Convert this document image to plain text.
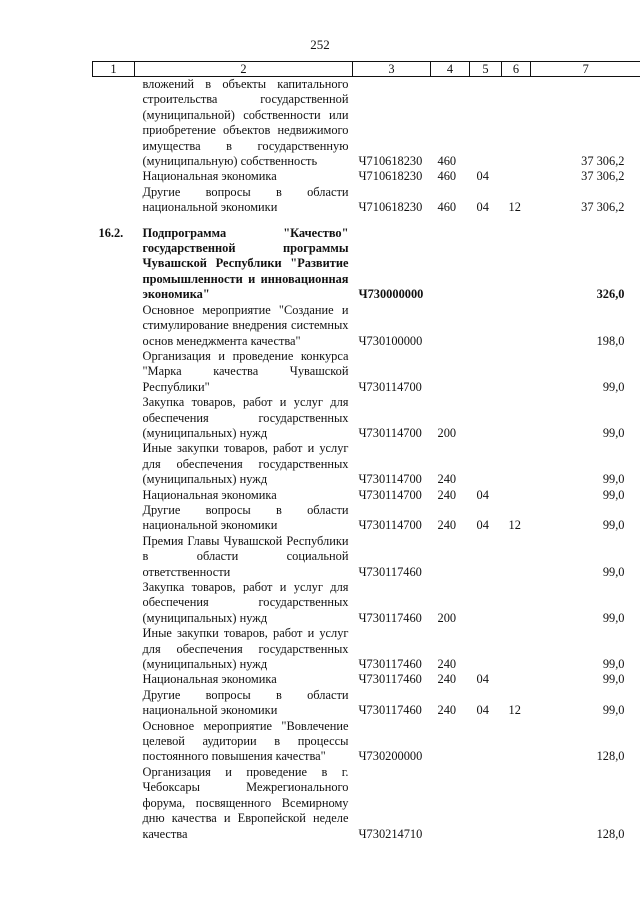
252
1	2	3	4	5	6	7
	вложений в объекты капитального строительства государственной (муниципальной) собственности или приобретение объектов недвижимого имущества в государственную (муниципальную) собственность	Ч710618230	460			37 306,2
	Национальная экономика	Ч710618230	460	04		37 306,2
	Другие вопросы в области национальной экономики	Ч710618230	460	04	12	37 306,2

16.2.	Подпрограмма "Качество" государственной программы Чувашской Республики "Развитие промышленности и инновационная экономика"	Ч730000000				326,0
	Основное мероприятие "Создание и стимулирование внедрения системных основ менеджмента качества"	Ч730100000				198,0
	Организация и проведение конкурса "Марка качества Чувашской Республики"	Ч730114700				99,0
	Закупка товаров, работ и услуг для обеспечения государственных (муниципальных) нужд	Ч730114700	200			99,0
	Иные закупки товаров, работ и услуг для обеспечения государственных (муниципальных) нужд	Ч730114700	240			99,0
	Национальная экономика	Ч730114700	240	04		99,0
	Другие вопросы в области национальной экономики	Ч730114700	240	04	12	99,0
	Премия Главы Чувашской Республики в области социальной ответственности	Ч730117460				99,0
	Закупка товаров, работ и услуг для обеспечения государственных (муниципальных) нужд	Ч730117460	200			99,0
	Иные закупки товаров, работ и услуг для обеспечения государственных (муниципальных) нужд	Ч730117460	240			99,0
	Национальная экономика	Ч730117460	240	04		99,0
	Другие вопросы в области национальной экономики	Ч730117460	240	04	12	99,0
	Основное мероприятие "Вовлечение целевой аудитории в процессы постоянного повышения качества"	Ч730200000				128,0
	Организация и проведение в г. Чебоксары Межрегионального форума, посвященного Всемирному дню качества и Европейской неделе качества	Ч730214710				128,0
